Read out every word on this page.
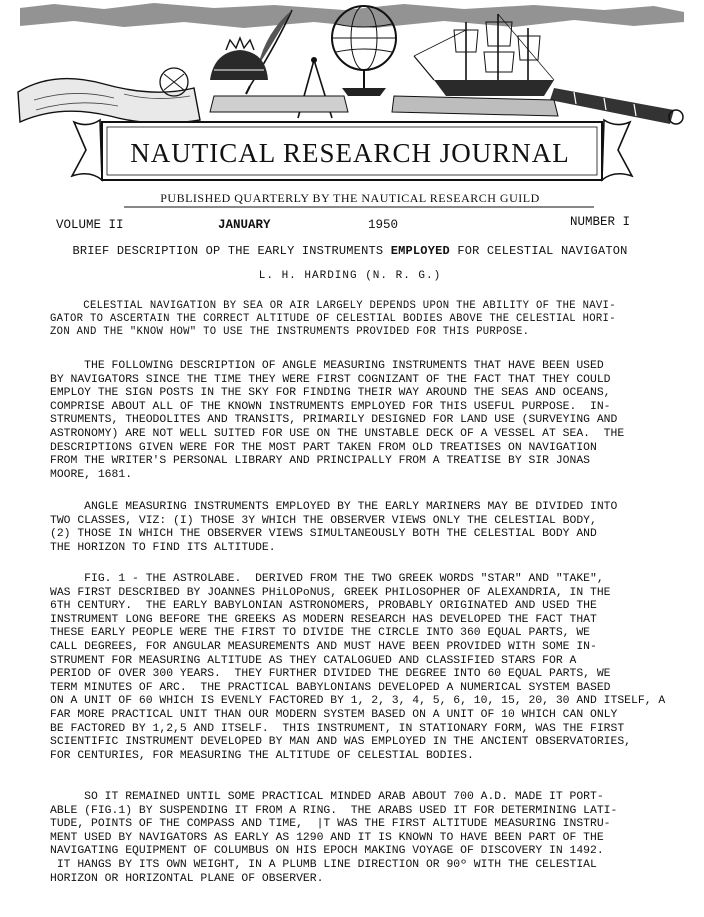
NAUTICAL RESEARCH JOURNAL
PUBLISHED QUARTERLY BY THE NAUTICAL RESEARCH GUILD
VOLUME II	JANUARY	1950	NUMBER I
BRIEF DESCRIPTION OP THE EARLY INSTRUMENTS EMPLOYED FOR CELESTIAL NAVIGATON
L. H. HARDING (N. R. G.)

CELESTIAL NAVIGATION BY SEA OR AIR LARGELY DEPENDS UPON THE ABILITY OF THE NAVI-
GATOR TO ASCERTAIN THE CORRECT ALTITUDE OF CELESTIAL BODIES ABOVE THE CELESTIAL HORI-
ZON AND THE "KNOW HOW" TO USE THE INSTRUMENTS PROVIDED FOR THIS PURPOSE.

THE FOLLOWING DESCRIPTION OF ANGLE MEASURING INSTRUMENTS THAT HAVE BEEN USED
BY NAVIGATORS SINCE THE TIME THEY WERE FIRST COGNIZANT OF THE FACT THAT THEY COULD
EMPLOY THE SIGN POSTS IN THE SKY FOR FINDING THEIR WAY AROUND THE SEAS AND OCEANS,
COMPRISE ABOUT ALL OF THE KNOWN INSTRUMENTS EMPLOYED FOR THIS USEFUL PURPOSE.  IN-
STRUMENTS, THEODOLITES AND TRANSITS, PRIMARILY DESIGNED FOR LAND USE (SURVEYING AND
ASTRONOMY) ARE NOT WELL SUITED FOR USE ON THE UNSTABLE DECK OF A VESSEL AT SEA.  THE
DESCRIPTIONS GIVEN WERE FOR THE MOST PART TAKEN FROM OLD TREATISES ON NAVIGATION
FROM THE WRITER'S PERSONAL LIBRARY AND PRINCIPALLY FROM A TREATISE BY SIR JONAS
MOORE, 1681.

ANGLE MEASURING INSTRUMENTS EMPLOYED BY THE EARLY MARINERS MAY BE DIVIDED INTO
TWO CLASSES, VIZ: (I) THOSE 3Y WHICH THE OBSERVER VIEWS ONLY THE CELESTIAL BODY,
(2) THOSE IN WHICH THE OBSERVER VIEWS SIMULTANEOUSLY BOTH THE CELESTIAL BODY AND
THE HORIZON TO FIND ITS ALTITUDE.

FIG. 1 - THE ASTROLABE.  DERIVED FROM THE TWO GREEK WORDS "STAR" AND "TAKE",
WAS FIRST DESCRIBED BY JOANNES PHiLOPoNUS, GREEK PHILOSOPHER OF ALEXANDRIA, IN THE
6TH CENTURY.  THE EARLY BABYLONIAN ASTRONOMERS, PROBABLY ORIGINATED AND USED THE
INSTRUMENT LONG BEFORE THE GREEKS AS MODERN RESEARCH HAS DEVELOPED THE FACT THAT
THESE EARLY PEOPLE WERE THE FIRST TO DIVIDE THE CIRCLE INTO 360 EQUAL PARTS, WE
CALL DEGREES, FOR ANGULAR MEASUREMENTS AND MUST HAVE BEEN PROVIDED WITH SOME IN-
STRUMENT FOR MEASURING ALTITUDE AS THEY CATALOGUED AND CLASSIFIED STARS FOR A
PERIOD OF OVER 300 YEARS.  THEY FURTHER DIVIDED THE DEGREE INTO 60 EQUAL PARTS, WE
TERM MINUTES OF ARC.  THE PRACTICAL BABYLONIANS DEVELOPED A NUMERICAL SYSTEM BASED
ON A UNIT OF 60 WHICH IS EVENLY FACTORED BY 1, 2, 3, 4, 5, 6, 10, 15, 20, 30 AND ITSELF, A
FAR MORE PRACTICAL UNIT THAN OUR MODERN SYSTEM BASED ON A UNIT OF 10 WHICH CAN ONLY
BE FACTORED BY 1,2,5 AND ITSELF.  THIS INSTRUMENT, IN STATIONARY FORM, WAS THE FIRST
SCIENTIFIC INSTRUMENT DEVELOPED BY MAN AND WAS EMPLOYED IN THE ANCIENT OBSERVATORIES,
FOR CENTURIES, FOR MEASURING THE ALTITUDE OF CELESTIAL BODIES.

SO IT REMAINED UNTIL SOME PRACTICAL MINDED ARAB ABOUT 700 A.D. MADE IT PORT-
ABLE (FIG.1) BY SUSPENDING IT FROM A RING.  THE ARABS USED IT FOR DETERMINING LATI-
TUDE, POINTS OF THE COMPASS AND TIME,  |T WAS THE FIRST ALTITUDE MEASURING INSTRU-
MENT USED BY NAVIGATORS AS EARLY AS 1290 AND IT IS KNOWN TO HAVE BEEN PART OF THE
NAVIGATING EQUIPMENT OF COLUMBUS ON HIS EPOCH MAKING VOYAGE OF DISCOVERY IN 1492.
IT HANGS BY ITS OWN WEIGHT, IN A PLUMB LINE DIRECTION OR 90º WITH THE CELESTIAL
HORIZON OR HORIZONTAL PLANE OF OBSERVER.
